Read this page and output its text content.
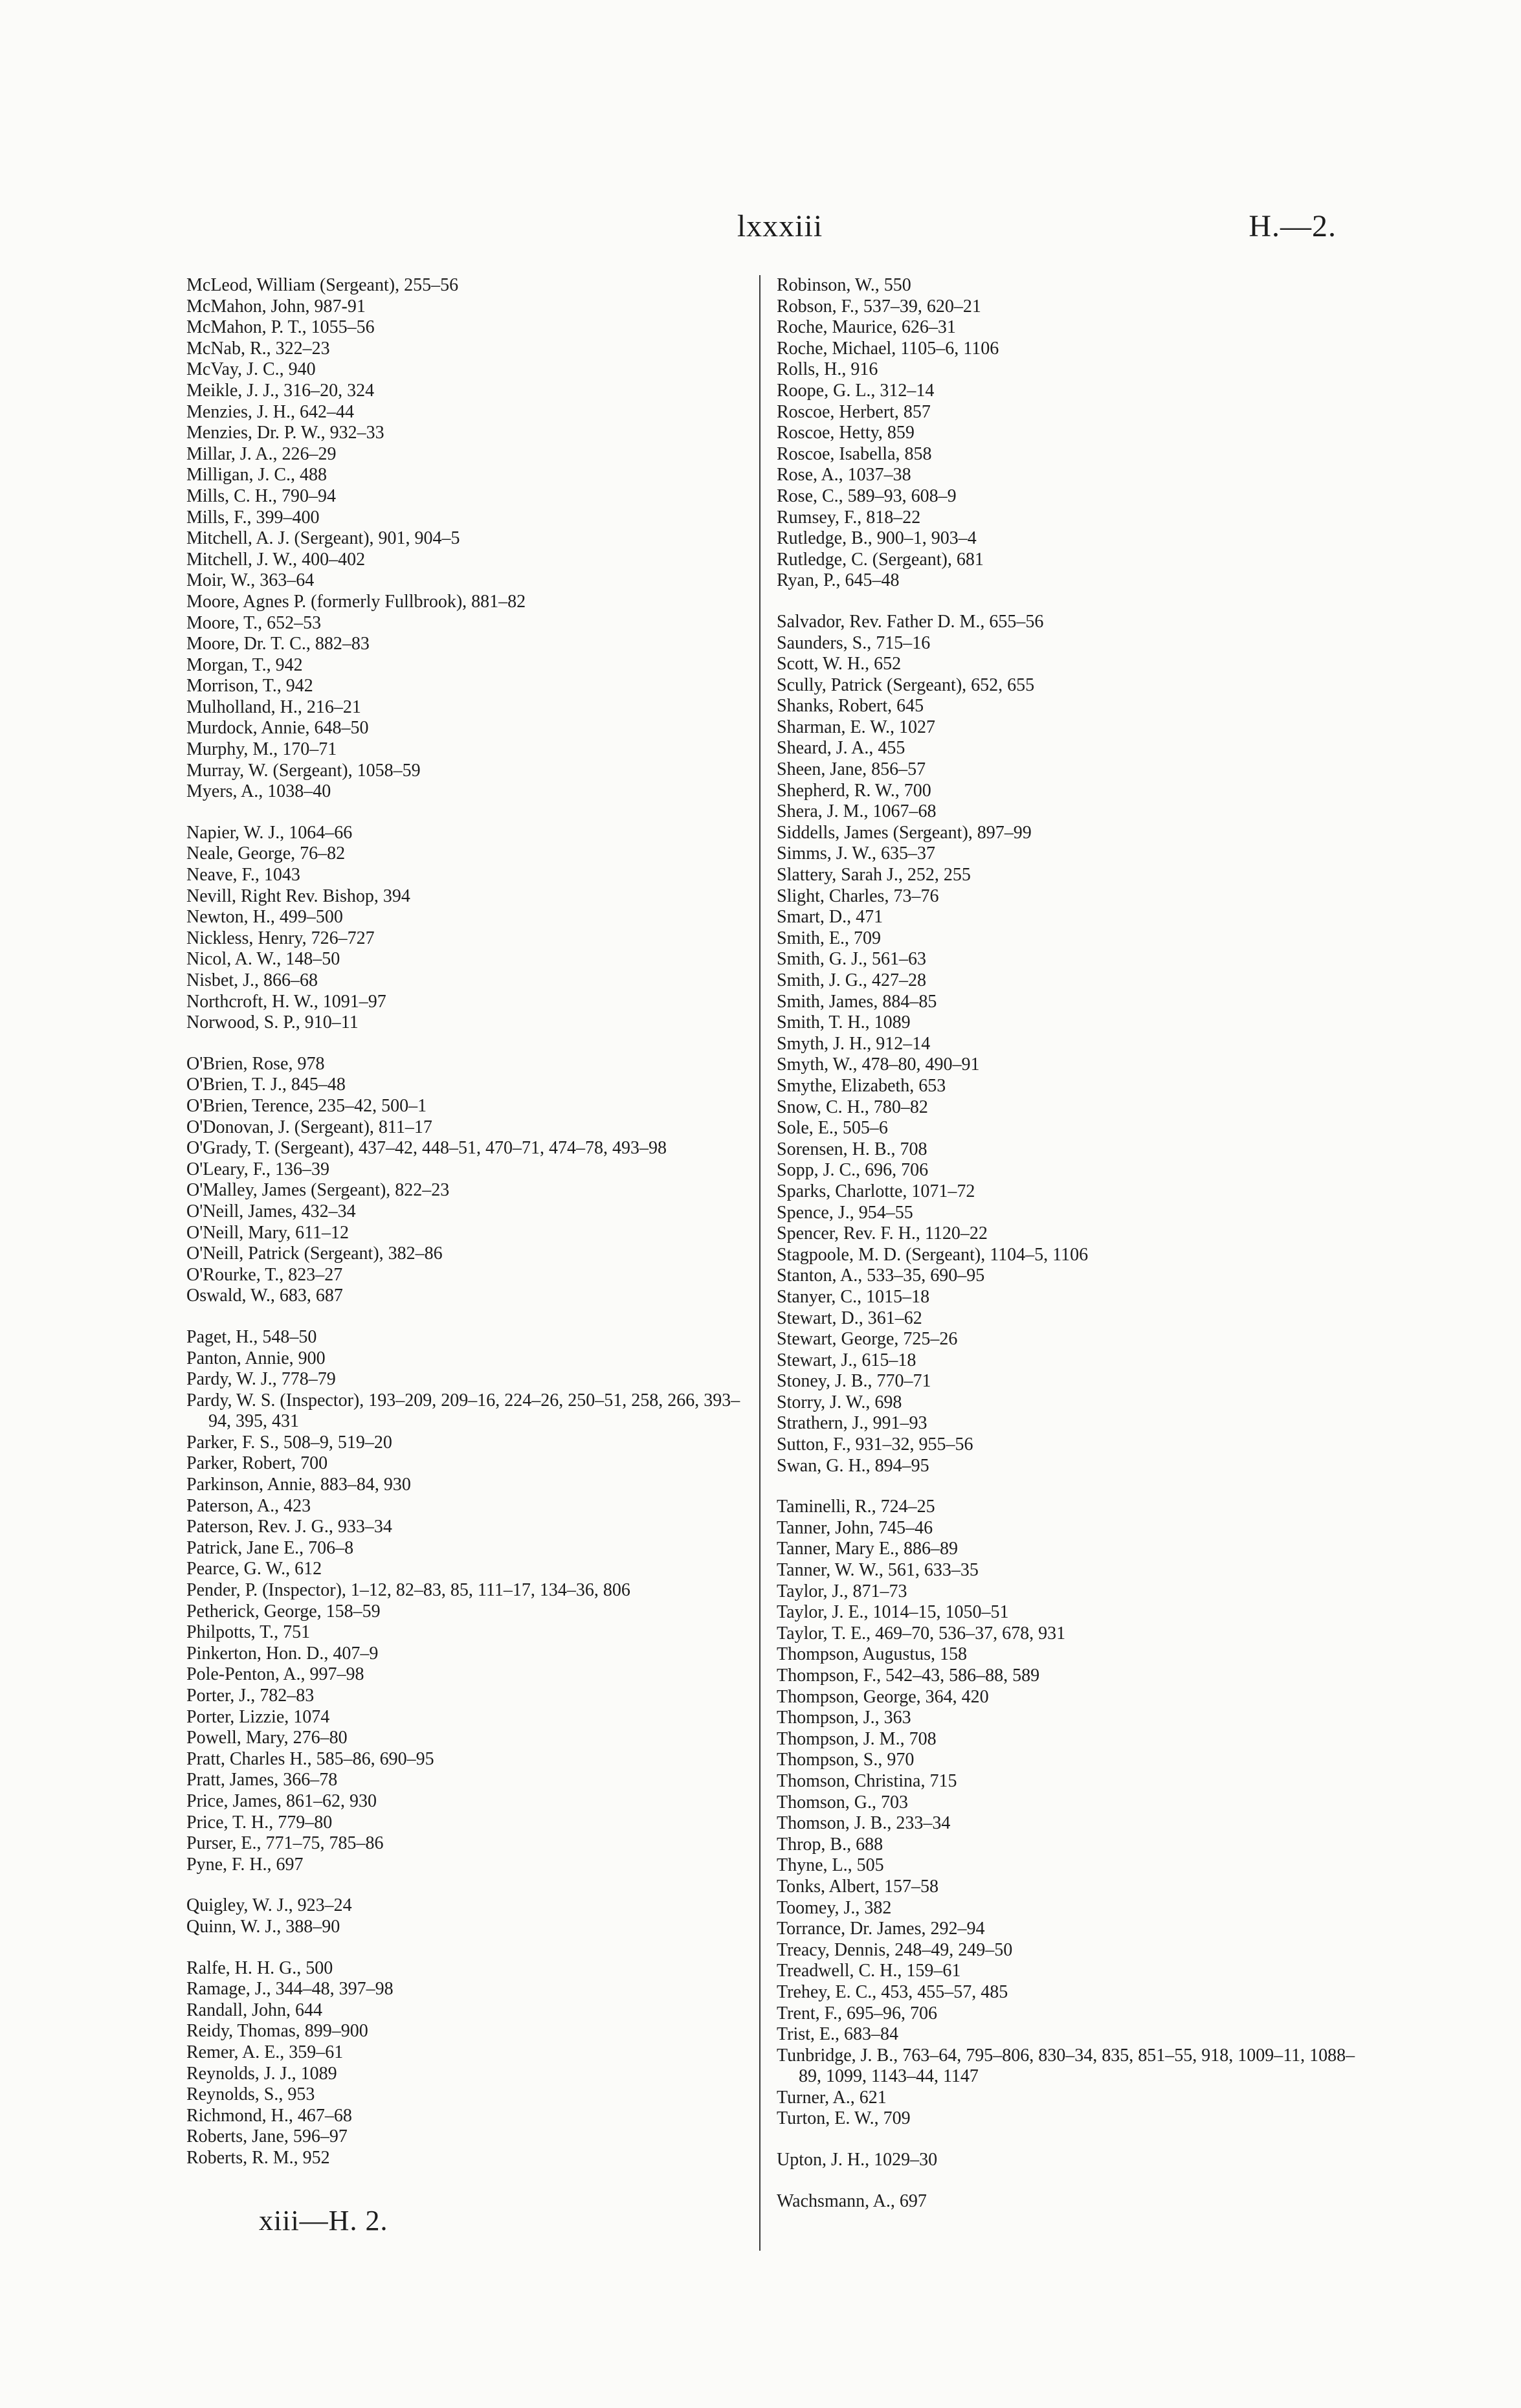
lxxxiii	H.—2.
McLeod, William (Sergeant), 255–56
McMahon, John, 987-91
McMahon, P. T., 1055–56
McNab, R., 322–23
McVay, J. C., 940
Meikle, J. J., 316–20, 324
Menzies, J. H., 642–44
Menzies, Dr. P. W., 932–33
Millar, J. A., 226–29
Milligan, J. C., 488
Mills, C. H., 790–94
Mills, F., 399–400
Mitchell, A. J. (Sergeant), 901, 904–5
Mitchell, J. W., 400–402
Moir, W., 363–64
Moore, Agnes P. (formerly Fullbrook), 881–82
Moore, T., 652–53
Moore, Dr. T. C., 882–83
Morgan, T., 942
Morrison, T., 942
Mulholland, H., 216–21
Murdock, Annie, 648–50
Murphy, M., 170–71
Murray, W. (Sergeant), 1058–59
Myers, A., 1038–40
Napier, W. J., 1064–66
Neale, George, 76–82
Neave, F., 1043
Nevill, Right Rev. Bishop, 394
Newton, H., 499–500
Nickless, Henry, 726–727
Nicol, A. W., 148–50
Nisbet, J., 866–68
Northcroft, H. W., 1091–97
Norwood, S. P., 910–11
O'Brien, Rose, 978
O'Brien, T. J., 845–48
O'Brien, Terence, 235–42, 500–1
O'Donovan, J. (Sergeant), 811–17
O'Grady, T. (Sergeant), 437–42, 448–51, 470–71, 474–78, 493–98
O'Leary, F., 136–39
O'Malley, James (Sergeant), 822–23
O'Neill, James, 432–34
O'Neill, Mary, 611–12
O'Neill, Patrick (Sergeant), 382–86
O'Rourke, T., 823–27
Oswald, W., 683, 687
Paget, H., 548–50
Panton, Annie, 900
Pardy, W. J., 778–79
Pardy, W. S. (Inspector), 193–209, 209–16, 224–26, 250–51, 258, 266, 393–94, 395, 431
Parker, F. S., 508–9, 519–20
Parker, Robert, 700
Parkinson, Annie, 883–84, 930
Paterson, A., 423
Paterson, Rev. J. G., 933–34
Patrick, Jane E., 706–8
Pearce, G. W., 612
Pender, P. (Inspector), 1–12, 82–83, 85, 111–17, 134–36, 806
Petherick, George, 158–59
Philpotts, T., 751
Pinkerton, Hon. D., 407–9
Pole-Penton, A., 997–98
Porter, J., 782–83
Porter, Lizzie, 1074
Powell, Mary, 276–80
Pratt, Charles H., 585–86, 690–95
Pratt, James, 366–78
Price, James, 861–62, 930
Price, T. H., 779–80
Purser, E., 771–75, 785–86
Pyne, F. H., 697
Quigley, W. J., 923–24
Quinn, W. J., 388–90
Ralfe, H. H. G., 500
Ramage, J., 344–48, 397–98
Randall, John, 644
Reidy, Thomas, 899–900
Remer, A. E., 359–61
Reynolds, J. J., 1089
Reynolds, S., 953
Richmond, H., 467–68
Roberts, Jane, 596–97
Roberts, R. M., 952
Robinson, W., 550
Robson, F., 537–39, 620–21
Roche, Maurice, 626–31
Roche, Michael, 1105–6, 1106
Rolls, H., 916
Roope, G. L., 312–14
Roscoe, Herbert, 857
Roscoe, Hetty, 859
Roscoe, Isabella, 858
Rose, A., 1037–38
Rose, C., 589–93, 608–9
Rumsey, F., 818–22
Rutledge, B., 900–1, 903–4
Rutledge, C. (Sergeant), 681
Ryan, P., 645–48
Salvador, Rev. Father D. M., 655–56
Saunders, S., 715–16
Scott, W. H., 652
Scully, Patrick (Sergeant), 652, 655
Shanks, Robert, 645
Sharman, E. W., 1027
Sheard, J. A., 455
Sheen, Jane, 856–57
Shepherd, R. W., 700
Shera, J. M., 1067–68
Siddells, James (Sergeant), 897–99
Simms, J. W., 635–37
Slattery, Sarah J., 252, 255
Slight, Charles, 73–76
Smart, D., 471
Smith, E., 709
Smith, G. J., 561–63
Smith, J. G., 427–28
Smith, James, 884–85
Smith, T. H., 1089
Smyth, J. H., 912–14
Smyth, W., 478–80, 490–91
Smythe, Elizabeth, 653
Snow, C. H., 780–82
Sole, E., 505–6
Sorensen, H. B., 708
Sopp, J. C., 696, 706
Sparks, Charlotte, 1071–72
Spence, J., 954–55
Spencer, Rev. F. H., 1120–22
Stagpoole, M. D. (Sergeant), 1104–5, 1106
Stanton, A., 533–35, 690–95
Stanyer, C., 1015–18
Stewart, D., 361–62
Stewart, George, 725–26
Stewart, J., 615–18
Stoney, J. B., 770–71
Storry, J. W., 698
Strathern, J., 991–93
Sutton, F., 931–32, 955–56
Swan, G. H., 894–95
Taminelli, R., 724–25
Tanner, John, 745–46
Tanner, Mary E., 886–89
Tanner, W. W., 561, 633–35
Taylor, J., 871–73
Taylor, J. E., 1014–15, 1050–51
Taylor, T. E., 469–70, 536–37, 678, 931
Thompson, Augustus, 158
Thompson, F., 542–43, 586–88, 589
Thompson, George, 364, 420
Thompson, J., 363
Thompson, J. M., 708
Thompson, S., 970
Thomson, Christina, 715
Thomson, G., 703
Thomson, J. B., 233–34
Throp, B., 688
Thyne, L., 505
Tonks, Albert, 157–58
Toomey, J., 382
Torrance, Dr. James, 292–94
Treacy, Dennis, 248–49, 249–50
Treadwell, C. H., 159–61
Trehey, E. C., 453, 455–57, 485
Trent, F., 695–96, 706
Trist, E., 683–84
Tunbridge, J. B., 763–64, 795–806, 830–34, 835, 851–55, 918, 1009–11, 1088–89, 1099, 1143–44, 1147
Turner, A., 621
Turton, E. W., 709
Upton, J. H., 1029–30
Wachsmann, A., 697
xiii—H. 2.
